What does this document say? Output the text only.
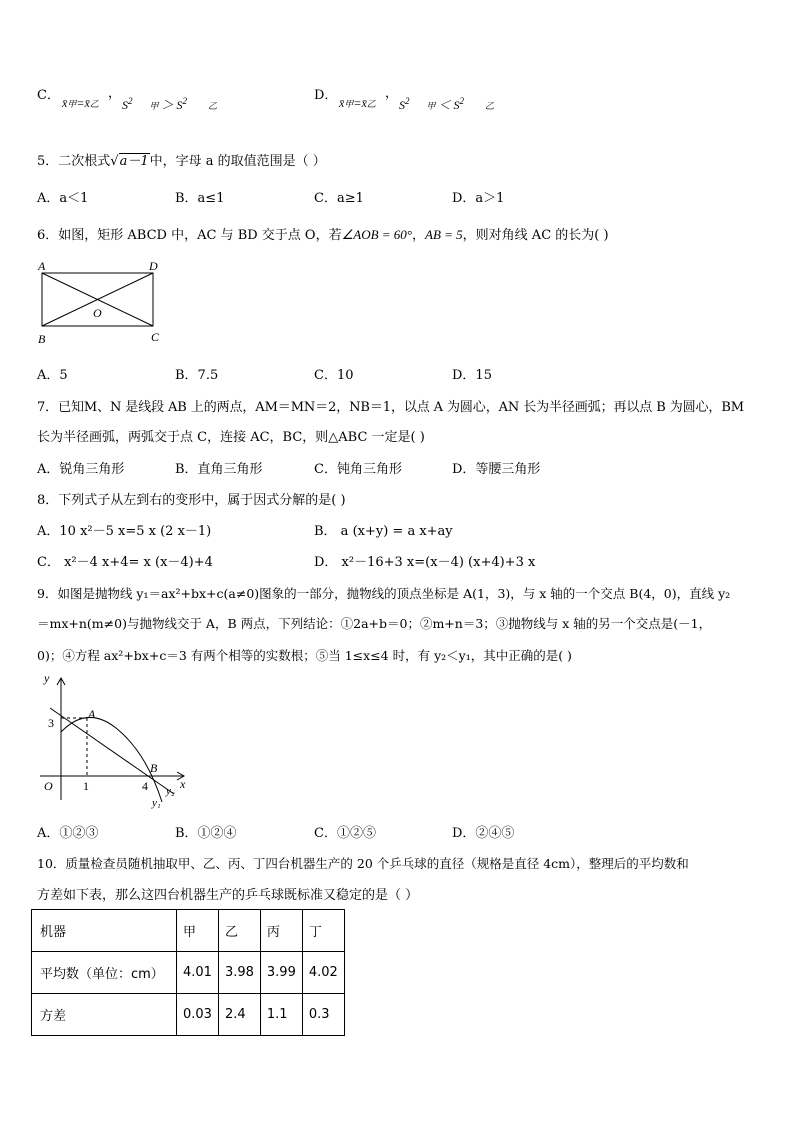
C． x̄甲=x̄乙
，
$S^2$ 甲 ＞ $S^2$ 乙
D． x̄甲=x̄乙
，
$S^2$ 甲 ＜ $S^2$ 乙
5．二次根式√a－1中，字母 a 的取值范围是（ ）
A．a＜1	B．a≤1	C．a≥1	D．a＞1
6．如图，矩形 ABCD 中，AC 与 BD 交于点 O，若∠AOB = 60°，AB = 5，则对角线 AC 的长为( )
A	D
B	C
O
A．5	B．7.5	C．10	D．15
7．已知M、N 是线段 AB 上的两点，AM＝MN＝2，NB＝1，以点 A 为圆心，AN 长为半径画弧；再以点 B 为圆心，BM
长为半径画弧，两弧交于点 C，连接 AC，BC，则△ABC 一定是( )
A．锐角三角形	B．直角三角形	C．钝角三角形	D．等腰三角形
8．下列式子从左到右的变形中，属于因式分解的是( )
A．10 x²－5 x=5 x (2 x－1)	B． a (x+y) = a x+ay
C． x²－4 x+4= x (x－4)+4	D． x²－16+3 x=(x－4) (x+4)+3 x
9．如图是抛物线 y₁＝ax²+bx+c(a≠0)图象的一部分，抛物线的顶点坐标是 A(1，3)，与 x 轴的一个交点 B(4，0)，直线 y₂
＝mx+n(m≠0)与抛物线交于 A，B 两点，下列结论：①2a+b＝0；②m+n＝3；③抛物线与 x 轴的另一个交点是(－1，
0)；④方程 ax²+bx+c＝3 有两个相等的实数根；⑤当 1≤x≤4 时，有 y₂＜y₁，其中正确的是( )
y
x
3
A
B
O	1	4 y₂
y₁
A．①②③	B．①②④	C．①②⑤	D．②④⑤
10．质量检查员随机抽取甲、乙、丙、丁四台机器生产的 20 个乒乓球的直径（规格是直径 4cm），整理后的平均数和
方差如下表，那么这四台机器生产的乒乓球既标准又稳定的是（ ）
机器	甲	乙	丙	丁
平均数（单位：cm）	4.01	3.98	3.99	4.02
方差	0.03	2.4	1.1	0.3
